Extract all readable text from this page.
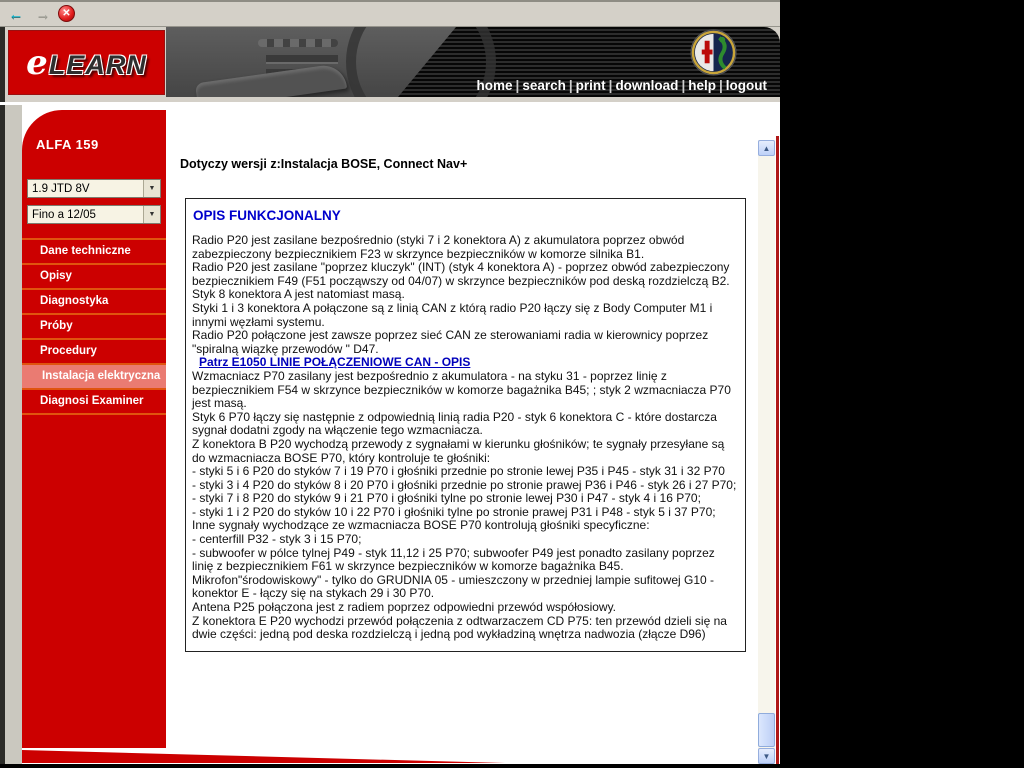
← →	✕
eLEARN
home | search | print | download | help | logout
ALFA 159
1.9 JTD 8V	▼
Fino a 12/05	▼
Dane techniczne
Opisy
Diagnostyka
Próby
Procedury
Instalacja elektryczna
Diagnosi Examiner
Dotyczy wersji z:Instalacja BOSE, Connect Nav+
OPIS FUNKCJONALNY
Radio P20 jest zasilane bezpośrednio (styki 7 i 2 konektora A) z akumulatora poprzez obwód zabezpieczony bezpiecznikiem F23 w skrzynce bezpieczników w komorze silnika B1.
Radio P20 jest zasilane "poprzez kluczyk" (INT) (styk 4 konektora A) - poprzez obwód zabezpieczony bezpiecznikiem F49 (F51 począwszy od 04/07) w skrzynce bezpieczników pod deską rozdzielczą B2.
Styk 8 konektora A jest natomiast masą.
Styki 1 i 3 konektora A połączone są z linią CAN z którą radio P20 łączy się z Body Computer M1 i innymi węzłami systemu.
Radio P20 połączone jest zawsze poprzez sieć CAN ze sterowaniami radia w kierownicy poprzez "spiralną wiązkę przewodów " D47.
Patrz E1050 LINIE POŁĄCZENIOWE CAN - OPIS
Wzmacniacz P70 zasilany jest bezpośrednio z akumulatora - na styku 31 - poprzez linię z bezpiecznikiem F54 w skrzynce bezpieczników w komorze bagażnika B45; ; styk 2 wzmacniacza P70 jest masą.
Styk 6 P70 łączy się następnie z odpowiednią linią radia P20 - styk 6 konektora C - które dostarcza sygnał dodatni zgody na włączenie tego wzmacniacza.
Z konektora B P20 wychodzą przewody z sygnałami w kierunku głośników; te sygnały przesyłane są do wzmacniacza BOSE P70, który kontroluje te głośniki:
- styki 5 i 6 P20 do styków 7 i 19 P70 i głośniki przednie po stronie lewej P35 i P45 - styk 31 i 32 P70
- styki 3 i 4 P20 do styków 8 i 20 P70 i głośniki przednie po stronie prawej P36 i P46 - styk 26 i 27 P70;
- styki 7 i 8 P20 do styków 9 i 21 P70 i głośniki tylne po stronie lewej P30 i P47 - styk 4 i 16 P70;
- styki 1 i 2 P20 do styków 10 i 22 P70 i głośniki tylne po stronie prawej P31 i P48 - styk 5 i 37 P70;
Inne sygnały wychodzące ze wzmacniacza BOSE P70 kontrolują głośniki specyficzne:
- centerfill P32 - styk 3 i 15 P70;
- subwoofer w pólce tylnej P49 - styk 11,12 i 25 P70; subwoofer P49 jest ponadto zasilany poprzez linię z bezpiecznikiem F61 w skrzynce bezpieczników w komorze bagażnika B45.
Mikrofon"środowiskowy" - tylko do GRUDNIA 05 - umieszczony w przedniej lampie sufitowej G10 - konektor E - łączy się na stykach 29 i 30 P70.
Antena P25 połączona jest z radiem poprzez odpowiedni przewód współosiowy.
Z konektora E P20 wychodzi przewód połączenia z odtwarzaczem CD P75: ten przewód dzieli się na dwie części: jedną pod deska rozdzielczą i jedną pod wykładziną wnętrza nadwozia (złącze D96)
▲
▼
